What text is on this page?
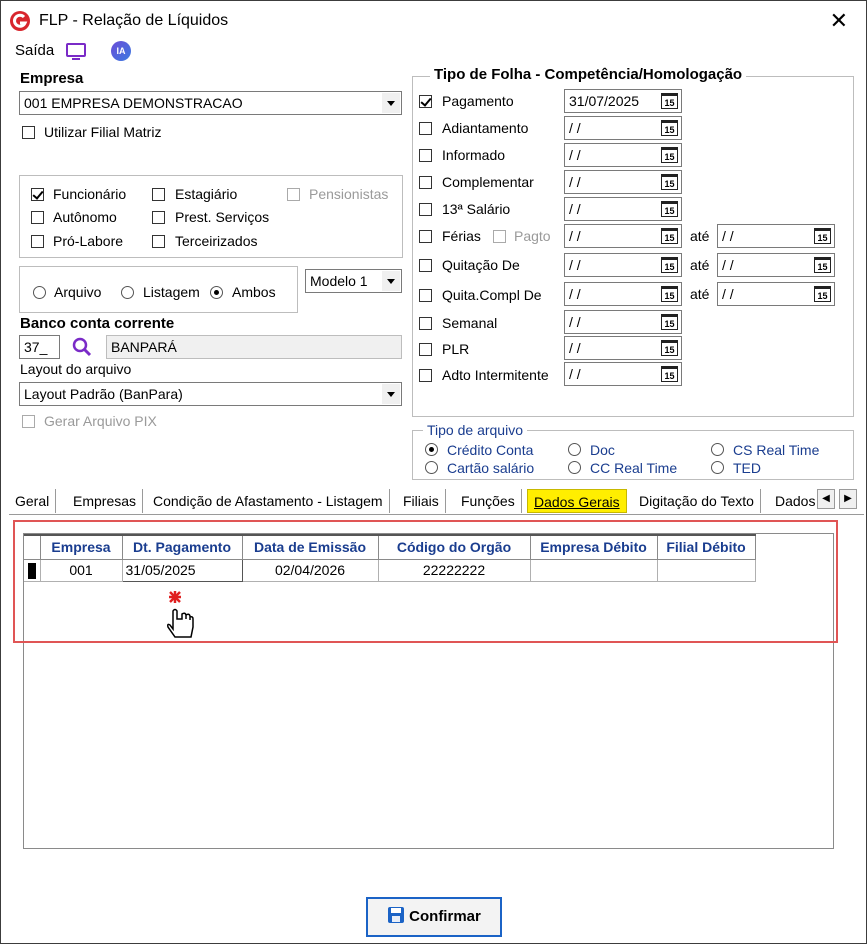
FLP - Relação de Líquidos	✕
Saída	IA
Empresa
001 EMPRESA DEMONSTRACAO
Utilizar Filial Matriz
Funcionário	Estagiário	Pensionistas
Autônomo	Prest. Serviços
Pró-Labore	Terceirizados
Arquivo	Listagem Ambos
Modelo 1
Banco conta corrente
37_	BANPARÁ
Layout do arquivo
Layout Padrão (BanPara)
Gerar Arquivo PIX
Tipo de Folha - Competência/Homologação
Pagamento	31/07/2025	15
Adiantamento	/ /	15
Informado	/ /	15
Complementar	/ /	15
13ª Salário	/ /	15
Férias Pagto / /	15 até / /	15
Quitação De	/ /	15 até / /	15
Quita.Compl De / /	15 até / /	15
Semanal	/ /	15
PLR	/ /	15
Adto Intermitente / /	15
Tipo de arquivo
Crédito Conta	Doc	CS Real Time
Cartão salário	CC Real Time	TED
Geral	Empresas	Condição de Afastamento - Listagem	Filiais	Funções	Dados Gerais	Digitação do Texto	Dados ◀	▶
	Empresa	Dt. Pagamento	Data de Emissão	Código do Orgão	Empresa Débito	Filial Débito
	001	31/05/2025	02/04/2026	22222222		
Confirmar
